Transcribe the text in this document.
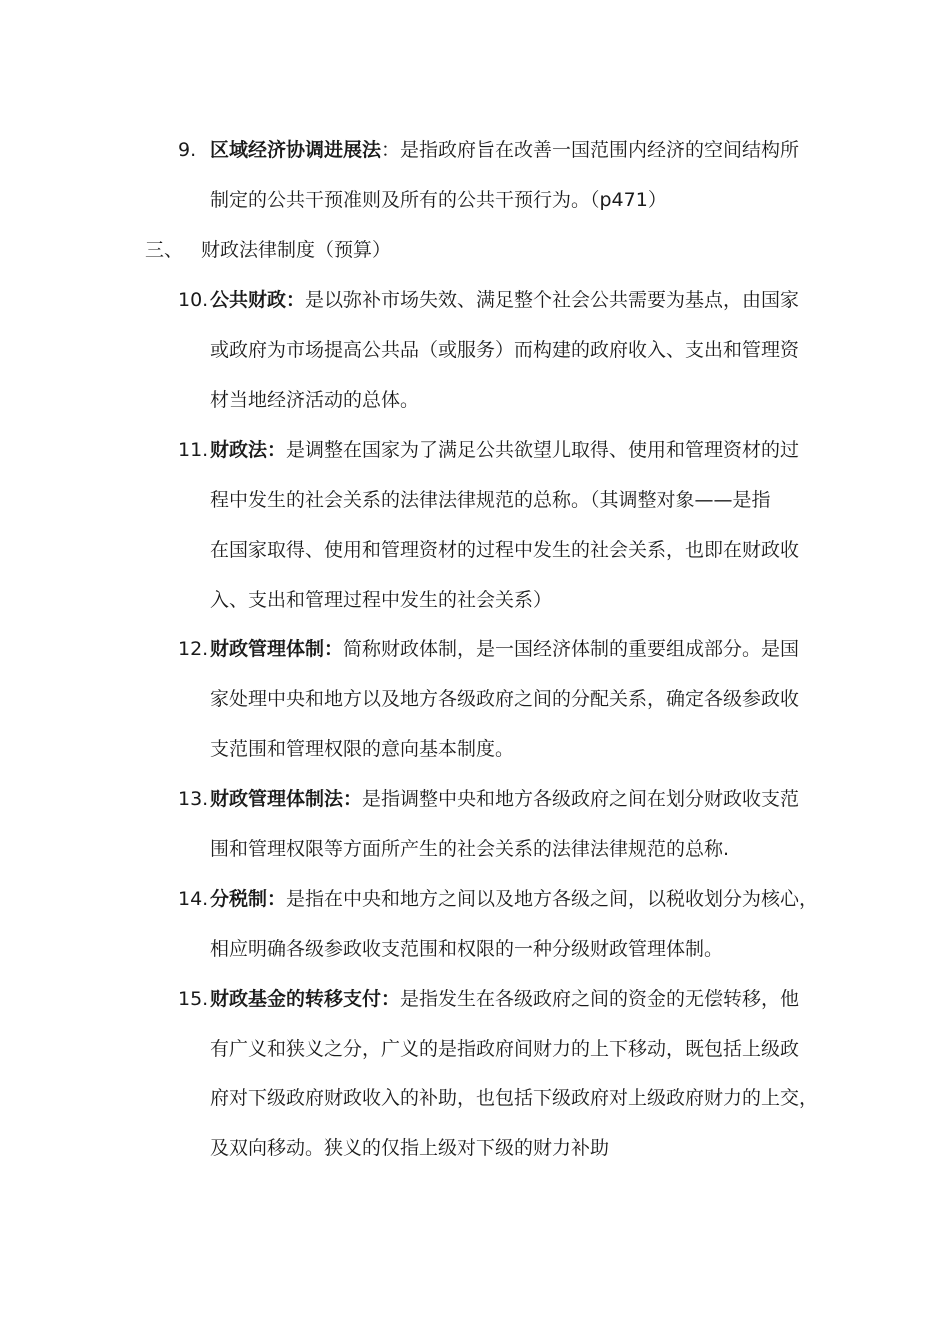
9. 区域经济协调进展法：是指政府旨在改善一国范围内经济的空间结构所
制定的公共干预准则及所有的公共干预行为。（p471）
三、 财政法律制度（预算）
10. 公共财政：是以弥补市场失效、满足整个社会公共需要为基点，由国家
或政府为市场提高公共品（或服务）而构建的政府收入、支出和管理资
材当地经济活动的总体。
11. 财政法：是调整在国家为了满足公共欲望儿取得、使用和管理资材的过
程中发生的社会关系的法律法律规范的总称。（其调整对象——是指
在国家取得、使用和管理资材的过程中发生的社会关系，也即在财政收
入、支出和管理过程中发生的社会关系）
12. 财政管理体制：简称财政体制，是一国经济体制的重要组成部分。是国
家处理中央和地方以及地方各级政府之间的分配关系，确定各级参政收
支范围和管理权限的意向基本制度。
13. 财政管理体制法：是指调整中央和地方各级政府之间在划分财政收支范
围和管理权限等方面所产生的社会关系的法律法律规范的总称.
14. 分税制：是指在中央和地方之间以及地方各级之间，以税收划分为核心，
相应明确各级参政收支范围和权限的一种分级财政管理体制。
15. 财政基金的转移支付：是指发生在各级政府之间的资金的无偿转移，他
有广义和狭义之分，广义的是指政府间财力的上下移动，既包括上级政
府对下级政府财政收入的补助，也包括下级政府对上级政府财力的上交，
及双向移动。狭义的仅指上级对下级的财力补助
